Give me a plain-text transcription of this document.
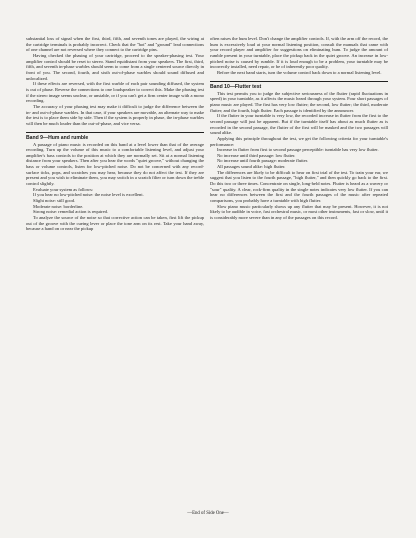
substantial loss of signal when the first, third, fifth, and seventh tones are played, the wiring at the cartridge terminals is probably incorrect. Check that the "hot" and "ground" lead connections of one channel are not reversed where they connect to the cartridge pins.

Having checked the phasing of your cartridge, proceed to the speaker-phasing test. Your amplifier control should be reset to stereo. Stand equidistant from your speakers. The first, third, fifth, and seventh in-phase warbles should seem to come from a single centered source directly in front of you. The second, fourth, and sixth out-of-phase warbles should sound diffused and unlocalized.

If these effects are reversed, with the first warble of each pair sounding diffused, the system is out of phase. Reverse the connections to one loudspeaker to correct this. Make the phasing test if the stereo image seems unclear, or unstable, or if you can't get a firm center image with a mono recording.

The accuracy of your phasing test may make it difficult to judge the difference between the in- and out-of-phase warbles. In that case, if your speakers are movable, an alternate way to make the test is to place them side by side. Then if the system is properly in phase, the in-phase warbles will then be much louder than the out-of-phase, and vice versa.

Band 9—Hum and rumble

A passage of piano music is recorded on this band at a level lower than that of the average recording. Turn up the volume of this music to a comfortable listening level, and adjust your amplifier's bass controls to the position at which they are normally set. Sit at a normal listening distance from your speakers. Then after you hear the words "quiet groove," without changing the bass or volume controls, listen for low-pitched noise. Do not be concerned with any record-surface ticks, pops, and scratches you may hear, because they do not affect the test. If they are present and you wish to eliminate them, you may switch in a scratch filter or turn down the treble control slightly.

Evaluate your system as follows:

If you hear no low-pitched noise: the noise level is excellent.

Slight noise: still good.

Moderate noise: borderline.

Strong noise: remedial action is required.

To analyze the source of the noise so that corrective action can be taken, first lift the pickup out of the groove with the cueing lever or place the tone arm on its rest. Take your hand away, because a hand on or near the pickup

often raises the hum level. Don't change the amplifier controls. If, with the arm off the record, the hum is excessively loud at your normal listening position, consult the manuals that came with your record player and amplifier for suggestions on eliminating hum. To judge the amount of rumble present in your turntable, place the pickup back in the quiet groove. An increase in low-pitched noise is caused by rumble. If it is loud enough to be a problem, your turntable may be incorrectly installed, need repair, or be of inherently poor quality.

Before the next band starts, turn the volume control back down to a normal listening level.

Band 10—Flutter test

This test permits you to judge the subjective seriousness of the flutter (rapid fluctuations in speed) in your turntable, as it affects the music heard through your system. Four short passages of piano music are played. The first has very low flutter; the second, low flutter; the third, moderate flutter; and the fourth, high flutter. Each passage is identified by the announcer.

If the flutter in your turntable is very low, the recorded increase in flutter from the first to the second passage will just be apparent. But if the turntable itself has about as much flutter as is recorded in the second passage, the flutter of the first will be masked and the two passages will sound alike.

Applying this principle throughout the test, we get the following criteria for your turntable's performance:

Increase in flutter from first to second passage perceptible: turntable has very low flutter.

No increase until third passage: low flutter.

No increase until fourth passage: moderate flutter.

All passages sound alike: high flutter.

The differences are likely to be difficult to hear on first trial of the test. To train your ear, we suggest that you listen to the fourth passage, "high flutter," and then quickly go back to the first. Do this two or three times. Concentrate on single, long-held notes. Flutter is heard as a wavery or "sour" quality. A clear, rock-firm quality in the single notes indicates very low flutter. If you can hear no differences between the first and the fourth passages of the music after repeated comparisons, you probably have a turntable with high flutter.

Slow piano music particularly shows up any flutter that may be present. However, it is not likely to be audible in voice, fast orchestral music, or most other instruments, fast or slow, until it is considerably more severe than in any of the passages on this record.

—End of Side One—
